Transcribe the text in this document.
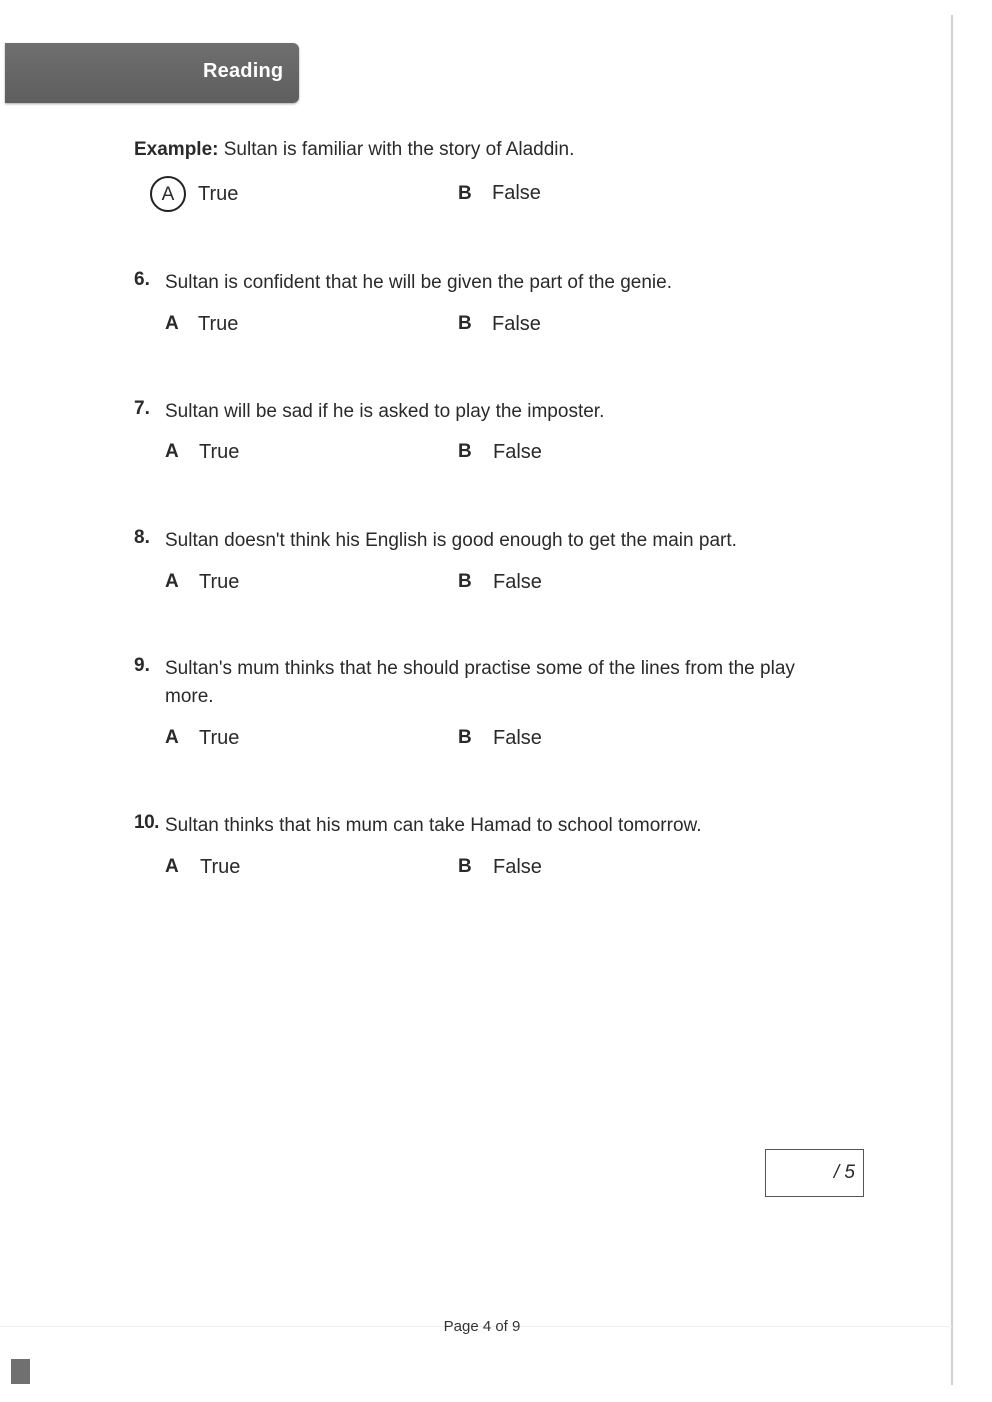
Reading
Example: Sultan is familiar with the story of Aladdin.
A	True	B False
6. Sultan is confident that he will be given the part of the genie.
A True	B False
7. Sultan will be sad if he is asked to play the imposter.
A True	B False
8. Sultan doesn't think his English is good enough to get the main part.
A True	B False
9. Sultan's mum thinks that he should practise some of the lines from the play more.
A True	B False
10. Sultan thinks that his mum can take Hamad to school tomorrow.
A True	B False
/ 5
Page 4 of 9
